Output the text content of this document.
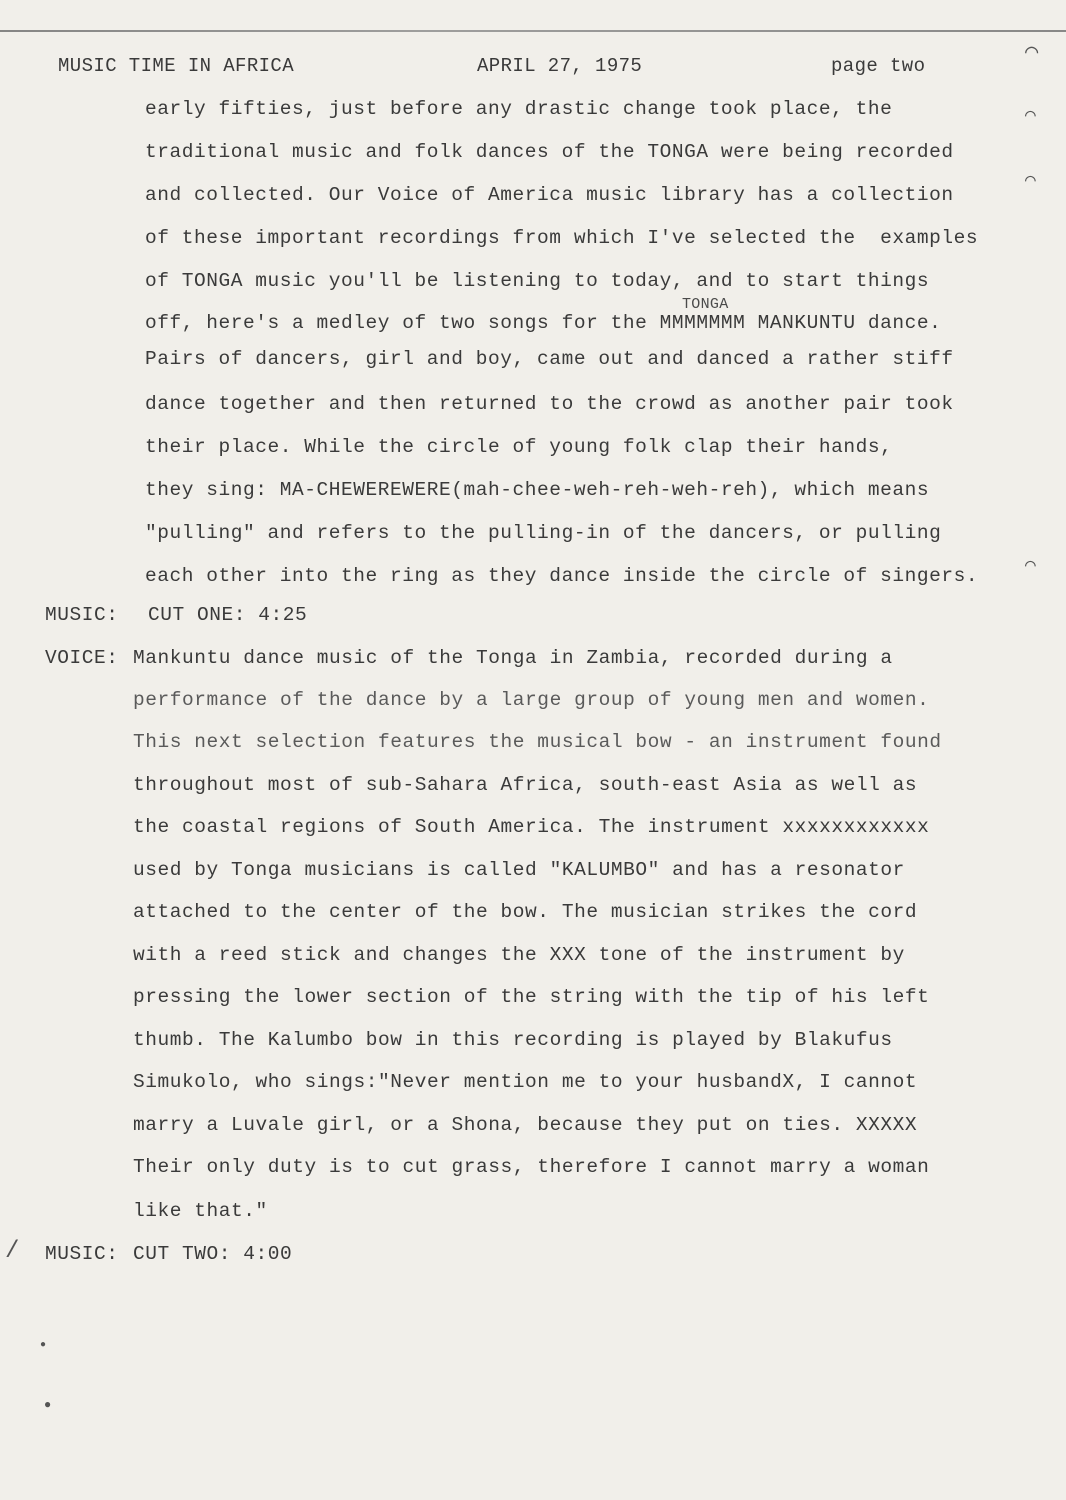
MUSIC TIME IN AFRICA	APRIL 27, 1975	page two
TONGA
early fifties, just before any drastic change took place, the
traditional music and folk dances of the TONGA were being recorded
and collected. Our Voice of America music library has a collection
of these important recordings from which I've selected the  examples
of TONGA music you'll be listening to today, and to start things
off, here's a medley of two songs for the MMMMMMM MANKUNTU dance.
Pairs of dancers, girl and boy, came out and danced a rather stiff
dance together and then returned to the crowd as another pair took
their place. While the circle of young folk clap their hands,
they sing: MA-CHEWEREWERE(mah-chee-weh-reh-weh-reh), which means
"pulling" and refers to the pulling-in of the dancers, or pulling
each other into the ring as they dance inside the circle of singers.
MUSIC: CUT ONE: 4:25
VOICE: Mankuntu dance music of the Tonga in Zambia, recorded during a
performance of the dance by a large group of young men and women.
This next selection features the musical bow - an instrument found
throughout most of sub-Sahara Africa, south-east Asia as well as
the coastal regions of South America. The instrument xxxxxxxxxxxx
used by Tonga musicians is called "KALUMBO" and has a resonator
attached to the center of the bow. The musician strikes the cord
with a reed stick and changes the XXX tone of the instrument by
pressing the lower section of the string with the tip of his left
thumb. The Kalumbo bow in this recording is played by Blakufus
Simukolo, who sings:"Never mention me to your husbandX, I cannot
marry a Luvale girl, or a Shona, because they put on ties. XXXXX
Their only duty is to cut grass, therefore I cannot marry a woman
like that."
MUSIC: CUT TWO: 4:00
◠
◠
◠
◠
/
●
●
